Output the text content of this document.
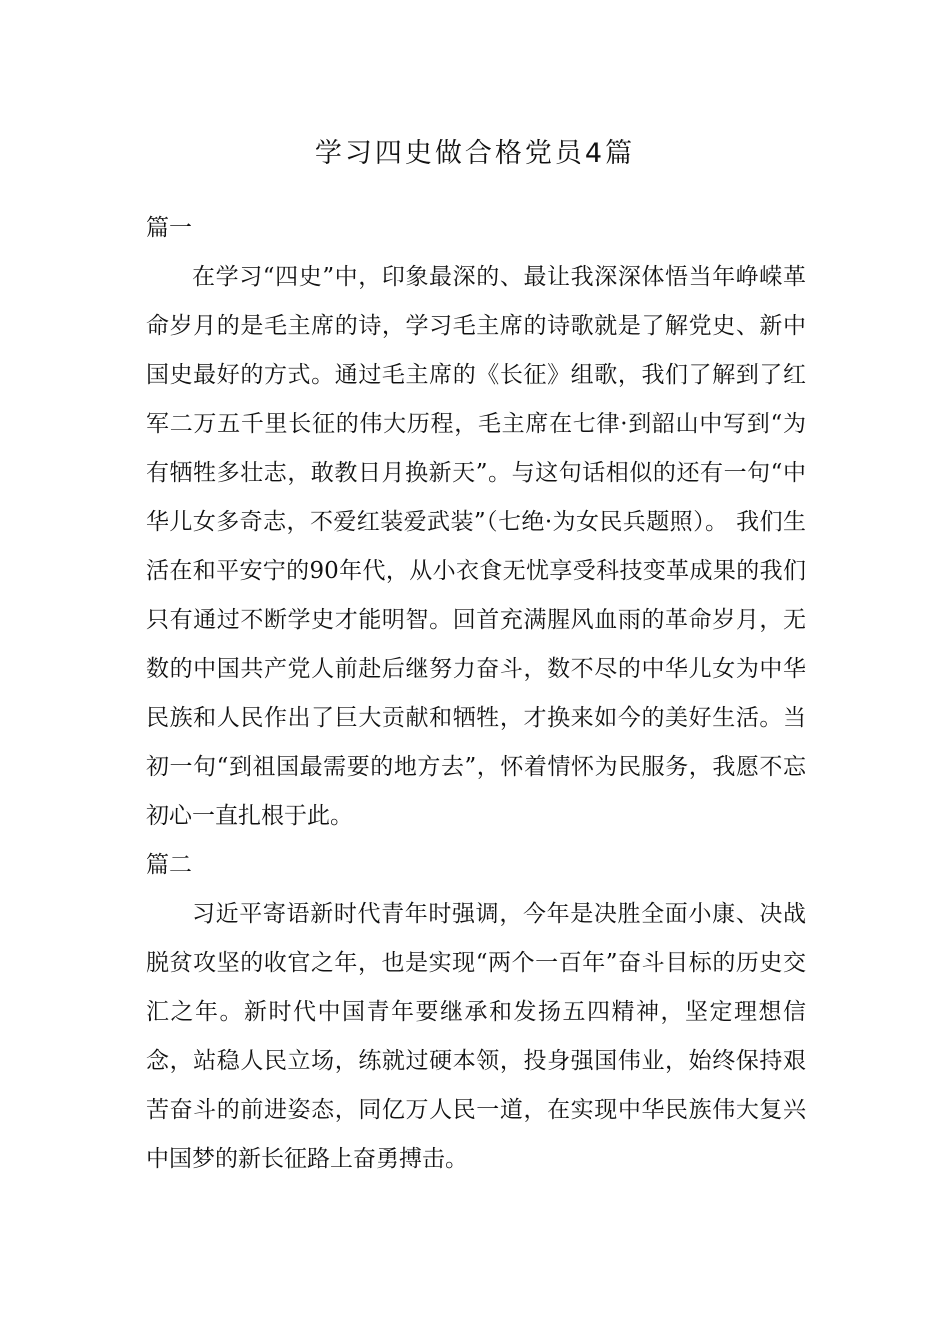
学习四史做合格党员4篇

篇一

在学习“四史”中，印象最深的、最让我深深体悟当年峥嵘革命岁月的是毛主席的诗，学习毛主席的诗歌就是了解党史、新中国史最好的方式。通过毛主席的《长征》组歌，我们了解到了红军二万五千里长征的伟大历程，毛主席在七律·到韶山中写到“为有牺牲多壮志，敢教日月换新天”。与这句话相似的还有一句“中华儿女多奇志，不爱红装爱武装”（七绝·为女民兵题照）。 我们生活在和平安宁的90年代，从小衣食无忧享受科技变革成果的我们只有通过不断学史才能明智。回首充满腥风血雨的革命岁月，无数的中国共产党人前赴后继努力奋斗，数不尽的中华儿女为中华民族和人民作出了巨大贡献和牺牲，才换来如今的美好生活。当初一句“到祖国最需要的地方去”，怀着情怀为民服务，我愿不忘初心一直扎根于此。

篇二

习近平寄语新时代青年时强调，今年是决胜全面小康、决战脱贫攻坚的收官之年，也是实现“两个一百年”奋斗目标的历史交汇之年。新时代中国青年要继承和发扬五四精神，坚定理想信念，站稳人民立场，练就过硬本领，投身强国伟业，始终保持艰苦奋斗的前进姿态，同亿万人民一道，在实现中华民族伟大复兴中国梦的新长征路上奋勇搏击。
